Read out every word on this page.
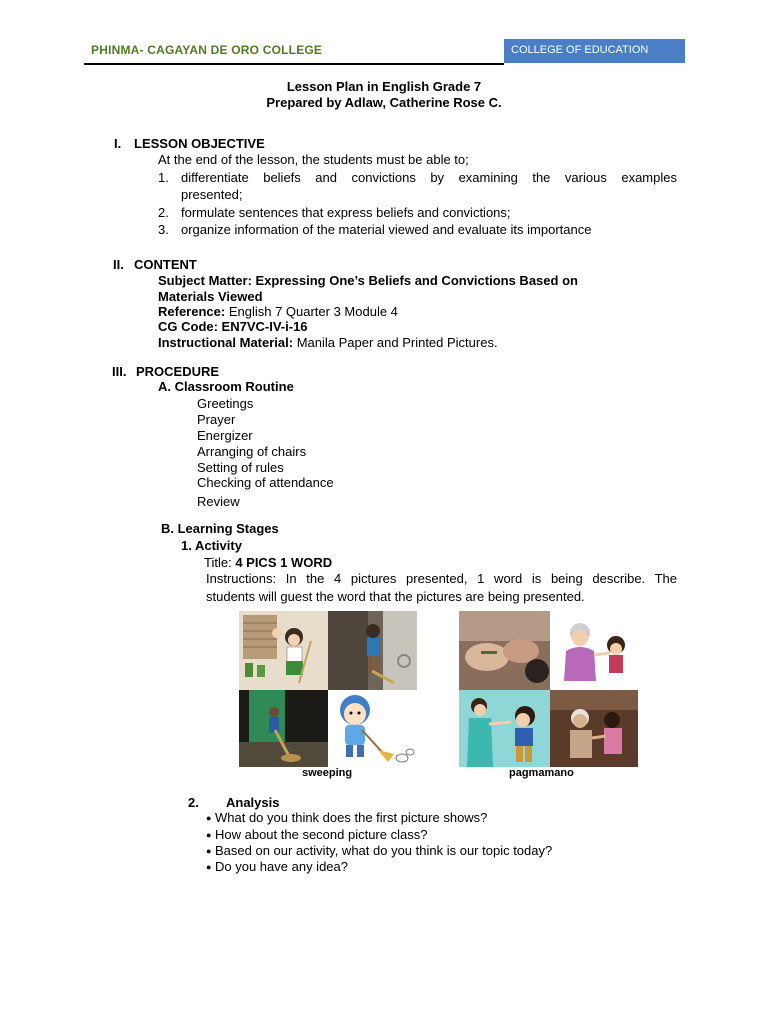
PHINMA- CAGAYAN DE ORO COLLEGE	COLLEGE OF EDUCATION
Lesson Plan in English Grade 7
Prepared by Adlaw, Catherine Rose C.
I. LESSON OBJECTIVE
At the end of the lesson, the students must be able to;
1. differentiate beliefs and convictions by examining the various examples
presented;
2. formulate sentences that express beliefs and convictions;
3. organize information of the material viewed and evaluate its importance
II. CONTENT
Subject Matter: Expressing One’s Beliefs and Convictions Based on
Materials Viewed
Reference: English 7 Quarter 3 Module 4
CG Code: EN7VC-IV-i-16
Instructional Material: Manila Paper and Printed Pictures.
III. PROCEDURE
A. Classroom Routine
Greetings
Prayer
Energizer
Arranging of chairs
Setting of rules
Checking of attendance
Review
B. Learning Stages
1. Activity
Title: 4 PICS 1 WORD
Instructions: In the 4 pictures presented, 1 word is being describe. The
students will guest the word that the pictures are being presented.
sweeping	pagmamano
2. Analysis
● What do you think does the first picture shows?
● How about the second picture class?
● Based on our activity, what do you think is our topic today?
● Do you have any idea?
